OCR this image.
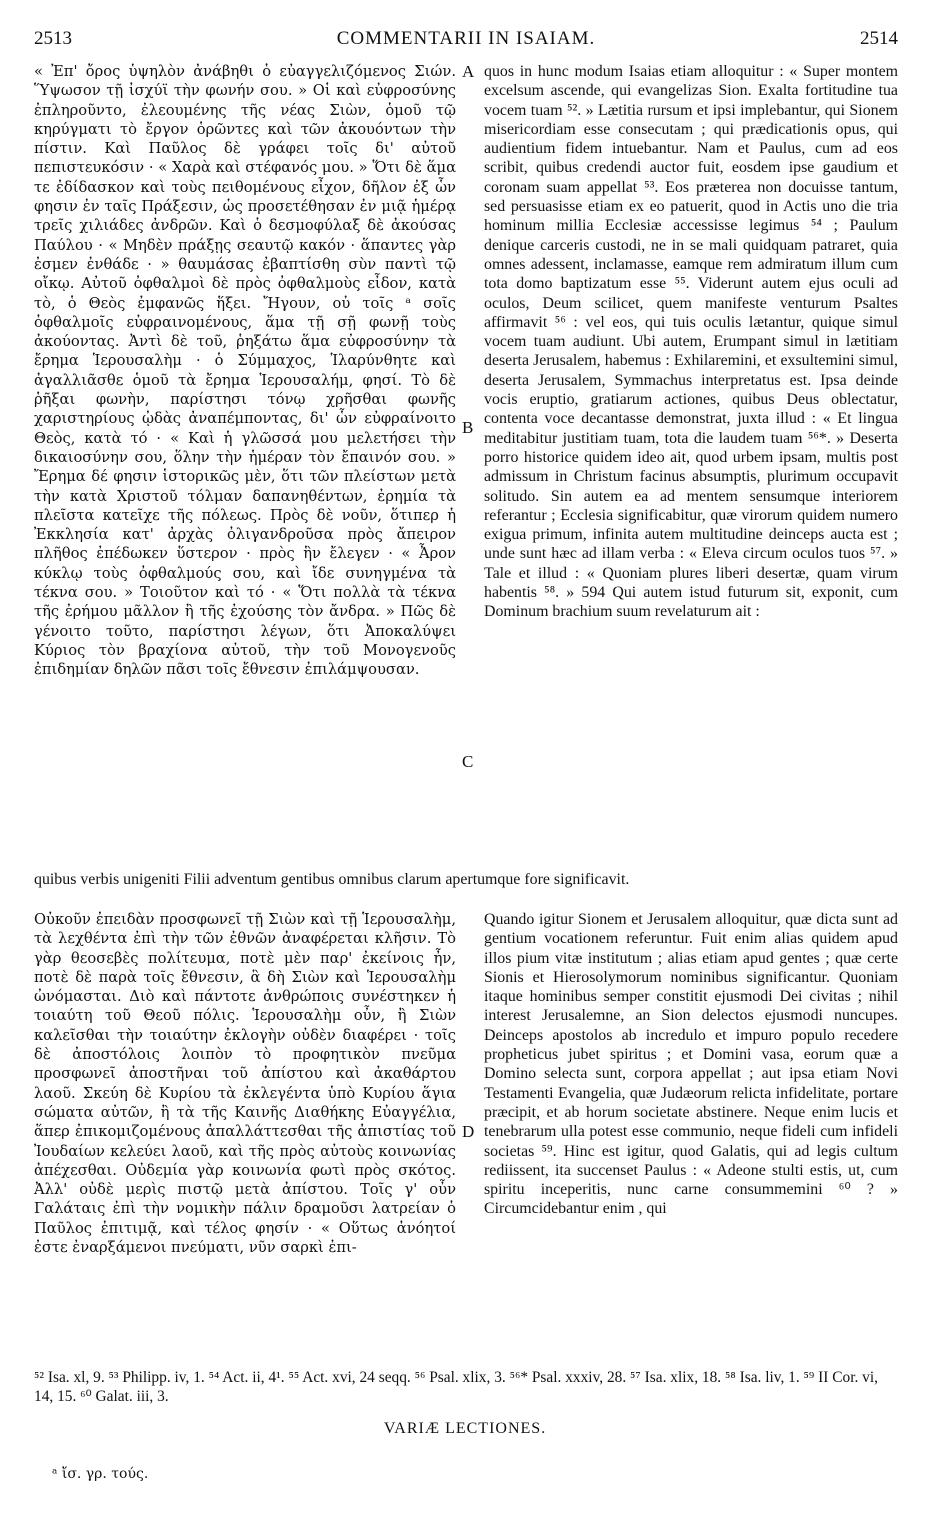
2513	COMMENTARII IN ISAIAM.	2514
A
B
C
D

« Ἐπ' ὄρος ὑψηλὸν ἀνάβηθι ὁ εὐαγγελιζόμενος Σιών. Ὕψωσον τῇ ἰσχύϊ τὴν φωνήν σου. » Οἱ καὶ εὐφροσύνης ἐπληροῦντο, ἐλεουμένης τῆς νέας Σιὼν, ὁμοῦ τῷ κηρύγματι τὸ ἔργον ὁρῶντες καὶ τῶν ἀκουόντων τὴν πίστιν. Καὶ Παῦλος δὲ γράφει τοῖς δι' αὐτοῦ πεπιστευκόσιν · « Χαρὰ καὶ στέφανός μου. » Ὅτι δὲ ἅμα τε ἐδίδασκον καὶ τοὺς πειθομένους εἶχον, δῆλον ἐξ ὧν φησιν ἐν ταῖς Πράξεσιν, ὡς προσετέθησαν ἐν μιᾷ ἡμέρᾳ τρεῖς χιλιάδες ἀνδρῶν. Καὶ ὁ δεσμοφύλαξ δὲ ἀκούσας Παύλου · « Μηδὲν πράξῃς σεαυτῷ κακόν · ἅπαντες γὰρ ἐσμεν ἐνθάδε · » θαυμάσας ἐβαπτίσθη σὺν παντὶ τῷ οἴκῳ. Αὐτοῦ ὀφθαλμοὶ δὲ πρὸς ὀφθαλμοὺς εἶδον, κατὰ τὸ, ὁ Θεὸς ἐμφανῶς ἥξει. Ἤγουν, οὐ τοῖς ᵃ σοῖς ὀφθαλμοῖς εὐφραινομένους, ἅμα τῇ σῇ φωνῇ τοὺς ἀκούοντας. Ἀντὶ δὲ τοῦ, ῥηξάτω ἅμα εὐφροσύνην τὰ ἔρημα Ἱερουσαλὴμ · ὁ Σύμμαχος, Ἱλαρύνθητε καὶ ἀγαλλιᾶσθε ὁμοῦ τὰ ἔρημα Ἱερουσαλήμ, φησί. Τὸ δὲ ῥῆξαι φωνὴν, παρίστησι τόνῳ χρῆσθαι φωνῆς χαριστηρίους ᾠδὰς ἀναπέμποντας, δι' ὧν εὐφραίνοιτο Θεὸς, κατὰ τό · « Καὶ ἡ γλῶσσά μου μελετήσει τὴν δικαιοσύνην σου, ὅλην τὴν ἡμέραν τὸν ἔπαινόν σου. » Ἔρημα δέ φησιν ἱστορικῶς μὲν, ὅτι τῶν πλείστων μετὰ τὴν κατὰ Χριστοῦ τόλμαν δαπανηθέντων, ἐρημία τὰ πλεῖστα κατεῖχε τῆς πόλεως. Πρὸς δὲ νοῦν, ὅτιπερ ἡ Ἐκκλησία κατ' ἀρχὰς ὀλιγανδροῦσα πρὸς ἄπειρον πλῆθος ἐπέδωκεν ὕστερον · πρὸς ἣν ἔλεγεν · « Ἆρον κύκλῳ τοὺς ὀφθαλμούς σου, καὶ ἴδε συνηγμένα τὰ τέκνα σου. » Τοιοῦτον καὶ τό · « Ὅτι πολλὰ τὰ τέκνα τῆς ἐρήμου μᾶλλον ἢ τῆς ἐχούσης τὸν ἄνδρα. » Πῶς δὲ γένοιτο τοῦτο, παρίστησι λέγων, ὅτι Ἀποκαλύψει Κύριος τὸν βραχίονα αὐτοῦ, τὴν τοῦ Μονογενοῦς ἐπιδημίαν δηλῶν πᾶσι τοῖς ἔθνεσιν ἐπιλάμψουσαν.

quos in hunc modum Isaias etiam alloquitur : « Super montem excelsum ascende, qui evangelizas Sion. Exalta fortitudine tua vocem tuam ⁵². » Lætitia rursum et ipsi implebantur, qui Sionem misericordiam esse consecutam ; qui prædicationis opus, qui audientium fidem intuebantur. Nam et Paulus, cum ad eos scribit, quibus credendi auctor fuit, eosdem ipse gaudium et coronam suam appellat ⁵³. Eos præterea non docuisse tantum, sed persuasisse etiam ex eo patuerit, quod in Actis uno die tria hominum millia Ecclesiæ accessisse legimus ⁵⁴ ; Paulum denique carceris custodi, ne in se mali quidquam patraret, quia omnes adessent, inclamasse, eamque rem admiratum illum cum tota domo baptizatum esse ⁵⁵. Viderunt autem ejus oculi ad oculos, Deum scilicet, quem manifeste venturum Psaltes affirmavit ⁵⁶ : vel eos, qui tuis oculis lætantur, quique simul vocem tuam audiunt. Ubi autem, Erumpant simul in lætitiam deserta Jerusalem, habemus : Exhilaremini, et exsultemini simul, deserta Jerusalem, Symmachus interpretatus est. Ipsa deinde vocis eruptio, gratiarum actiones, quibus Deus oblectatur, contenta voce decantasse demonstrat, juxta illud : « Et lingua meditabitur justitiam tuam, tota die laudem tuam ⁵⁶*. » Deserta porro historice quidem ideo ait, quod urbem ipsam, multis post admissum in Christum facinus absumptis, plurimum occupavit solitudo. Sin autem ea ad mentem sensumque interiorem referantur ; Ecclesia significabitur, quæ virorum quidem numero exigua primum, infinita autem multitudine deinceps aucta est ; unde sunt hæc ad illam verba : « Eleva circum oculos tuos ⁵⁷. » Tale et illud : « Quoniam plures liberi desertæ, quam virum habentis ⁵⁸. » 594 Qui autem istud futurum sit, exponit, cum Dominum brachium suum revelaturum ait :

quibus verbis unigeniti Filii adventum gentibus omnibus clarum apertumque fore significavit.

Οὐκοῦν ἐπειδὰν προσφωνεῖ τῇ Σιὼν καὶ τῇ Ἱερουσαλὴμ, τὰ λεχθέντα ἐπὶ τὴν τῶν ἐθνῶν ἀναφέρεται κλῆσιν. Τὸ γὰρ θεοσεβὲς πολίτευμα, ποτὲ μὲν παρ' ἐκείνοις ἦν, ποτὲ δὲ παρὰ τοῖς ἔθνεσιν, ἃ δὴ Σιὼν καὶ Ἱερουσαλὴμ ὠνόμασται. Διὸ καὶ πάντοτε ἀνθρώποις συνέστηκεν ἡ τοιαύτη τοῦ Θεοῦ πόλις. Ἱερουσαλὴμ οὖν, ἢ Σιὼν καλεῖσθαι τὴν τοιαύτην ἐκλογὴν οὐδὲν διαφέρει · τοῖς δὲ ἀποστόλοις λοιπὸν τὸ προφητικὸν πνεῦμα προσφωνεῖ ἀποστῆναι τοῦ ἀπίστου καὶ ἀκαθάρτου λαοῦ. Σκεύη δὲ Κυρίου τὰ ἐκλεγέντα ὑπὸ Κυρίου ἅγια σώματα αὐτῶν, ἢ τὰ τῆς Καινῆς Διαθήκης Εὐαγγέλια, ἅπερ ἐπικομιζομένους ἀπαλλάττεσθαι τῆς ἀπιστίας τοῦ Ἰουδαίων κελεύει λαοῦ, καὶ τῆς πρὸς αὐτοὺς κοινωνίας ἀπέχεσθαι. Οὐδεμία γὰρ κοινωνία φωτὶ πρὸς σκότος. Ἀλλ' οὐδὲ μερὶς πιστῷ μετὰ ἀπίστου. Τοῖς γ' οὖν Γαλάταις ἐπὶ τὴν νομικὴν πάλιν δραμοῦσι λατρείαν ὁ Παῦλος ἐπιτιμᾷ, καὶ τέλος φησίν · « Οὕτως ἀνόητοί ἐστε ἐναρξάμενοι πνεύματι, νῦν σαρκὶ ἐπι-

Quando igitur Sionem et Jerusalem alloquitur, quæ dicta sunt ad gentium vocationem referuntur. Fuit enim alias quidem apud illos pium vitæ institutum ; alias etiam apud gentes ; quæ certe Sionis et Hierosolymorum nominibus significantur. Quoniam itaque hominibus semper constitit ejusmodi Dei civitas ; nihil interest Jerusalemne, an Sion delectos ejusmodi nuncupes. Deinceps apostolos ab incredulo et impuro populo recedere propheticus jubet spiritus ; et Domini vasa, eorum quæ a Domino selecta sunt, corpora appellat ; aut ipsa etiam Novi Testamenti Evangelia, quæ Judæorum relicta infidelitate, portare præcipit, et ab horum societate abstinere. Neque enim lucis et tenebrarum ulla potest esse communio, neque fideli cum infideli societas ⁵⁹. Hinc est igitur, quod Galatis, qui ad legis cultum rediissent, ita succenset Paulus : « Adeone stulti estis, ut, cum spiritu inceperitis, nunc carne consummemini ⁶⁰ ? » Circumcidebantur enim , qui

⁵² Isa. xl, 9. ⁵³ Philipp. iv, 1. ⁵⁴ Act. ii, 4¹. ⁵⁵ Act. xvi, 24 seqq. ⁵⁶ Psal. xlix, 3. ⁵⁶* Psal. xxxiv, 28. ⁵⁷ Isa. xlix, 18. ⁵⁸ Isa. liv, 1. ⁵⁹ II Cor. vi, 14, 15. ⁶⁰ Galat. iii, 3.

VARIÆ LECTIONES.
ᵃ ἴσ. γρ. τούς.
